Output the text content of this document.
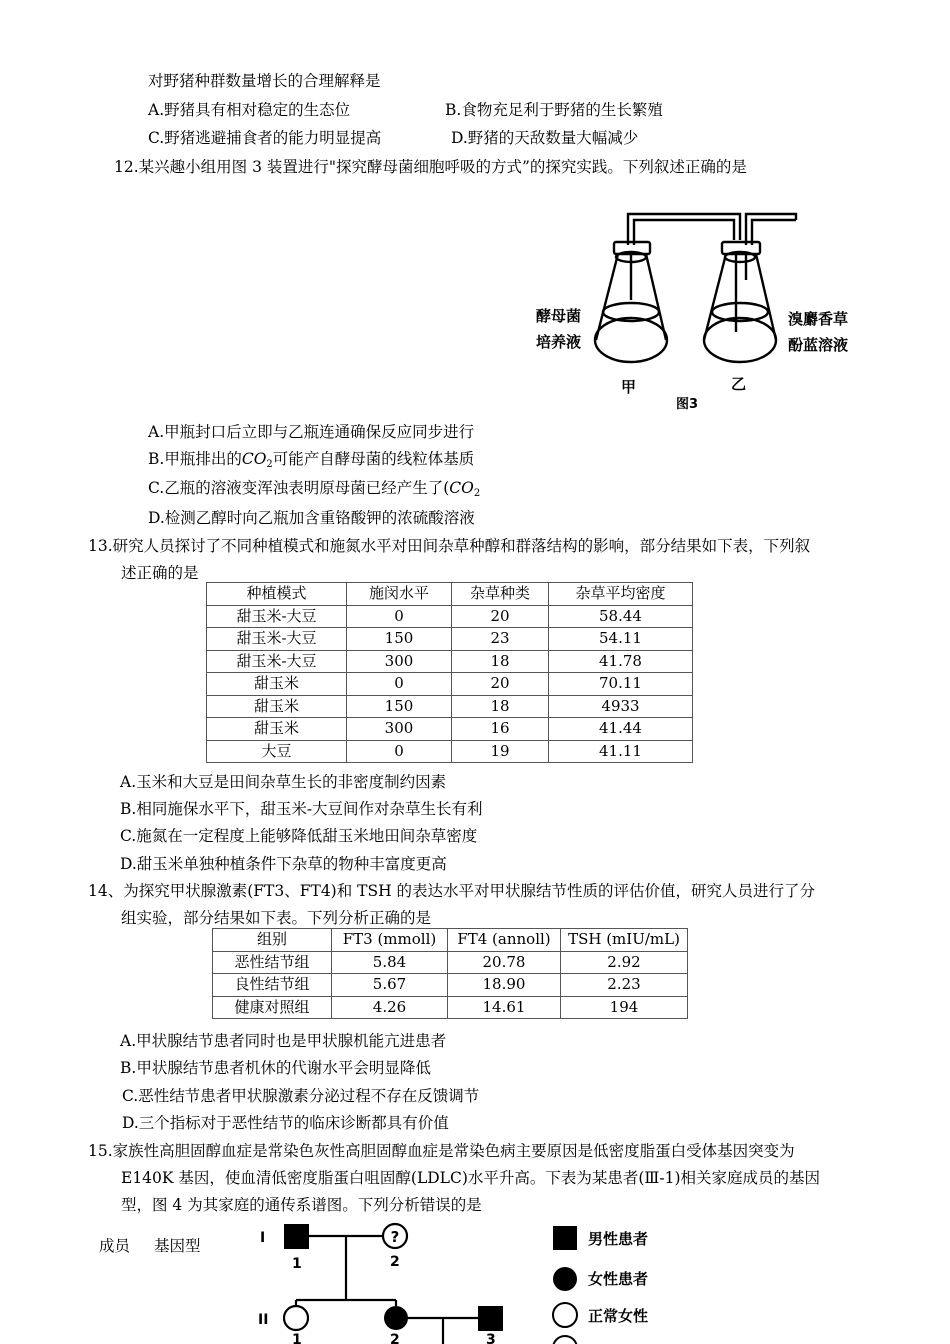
对野猪种群数量增长的合理解释是
A.野猪具有相对稳定的生态位	B.食物充足利于野猪的生长繁殖
C.野猪逃避捕食者的能力明显提高	D.野猪的天敌数量大幅减少
12.某兴趣小组用图 3 装置进行"探究酵母菌细胞呼吸的方式”的探究实践。下列叙述正确的是
酵母菌
培养液
溴麝香草
酚蓝溶液
甲	乙
图3
A.甲瓶封口后立即与乙瓶连通确保反应同步进行
B.甲瓶排出的$CO_2$可能产自酵母菌的线粒体基质
C.乙瓶的溶液变浑浊表明原母菌已经产生了($CO_2$
D.检测乙醇时向乙瓶加含重铬酸钾的浓硫酸溶液
13.研究人员探讨了不同种植模式和施氮水平对田间杂草种醇和群落结构的影响，部分结果如下表，下列叙
述正确的是
种植模式	施闵水平	杂草种类	杂草平均密度
甜玉米-大豆	0	20	58.44
甜玉米-大豆	150	23	54.11
甜玉米-大豆	300	18	41.78
甜玉米	0	20	70.11
甜玉米	150	18	4933
甜玉米	300	16	41.44
大豆	0	19	41.11
A.玉米和大豆是田间杂草生长的非密度制约因素
B.相同施保水平下，甜玉米-大豆间作对杂草生长有利
C.施氮在一定程度上能够降低甜玉米地田间杂草密度
D.甜玉米单独种植条件下杂草的物种丰富度更高
14、为探究甲状腺激素(FT3、FT4)和 TSH 的表达水平对甲状腺结节性质的评估价值，研究人员进行了分
组实验，部分结果如下表。下列分析正确的是
组别	FT3 (mmoll)	FT4 (annoll)	TSH (mIU/mL)
恶性结节组	5.84	20.78	2.92
良性结节组	5.67	18.90	2.23
健康对照组	4.26	14.61	194
A.甲状腺结节患者同时也是甲状腺机能亢进患者
B.甲状腺结节患者机休的代谢水平会明显降低
C.恶性结节患者甲状腺激素分泌过程不存在反馈调节
D.三个指标对于恶性结节的临床诊断都具有价值
15.家族性高胆固醇血症是常染色灰性高胆固醇血症是常染色病主要原因是低密度脂蛋白受体基因突变为
E140K 基因，使血清低密度脂蛋白咀固醇(LDLC)水平升高。下表为某患者(Ⅲ-1)相关家庭成员的基因
型，图 4 为其家庭的通传系谱图。下列分析错误的是
成员 基因型	?
I
II
1	2
1	2	3
男性患者
女性患者
正常女性
